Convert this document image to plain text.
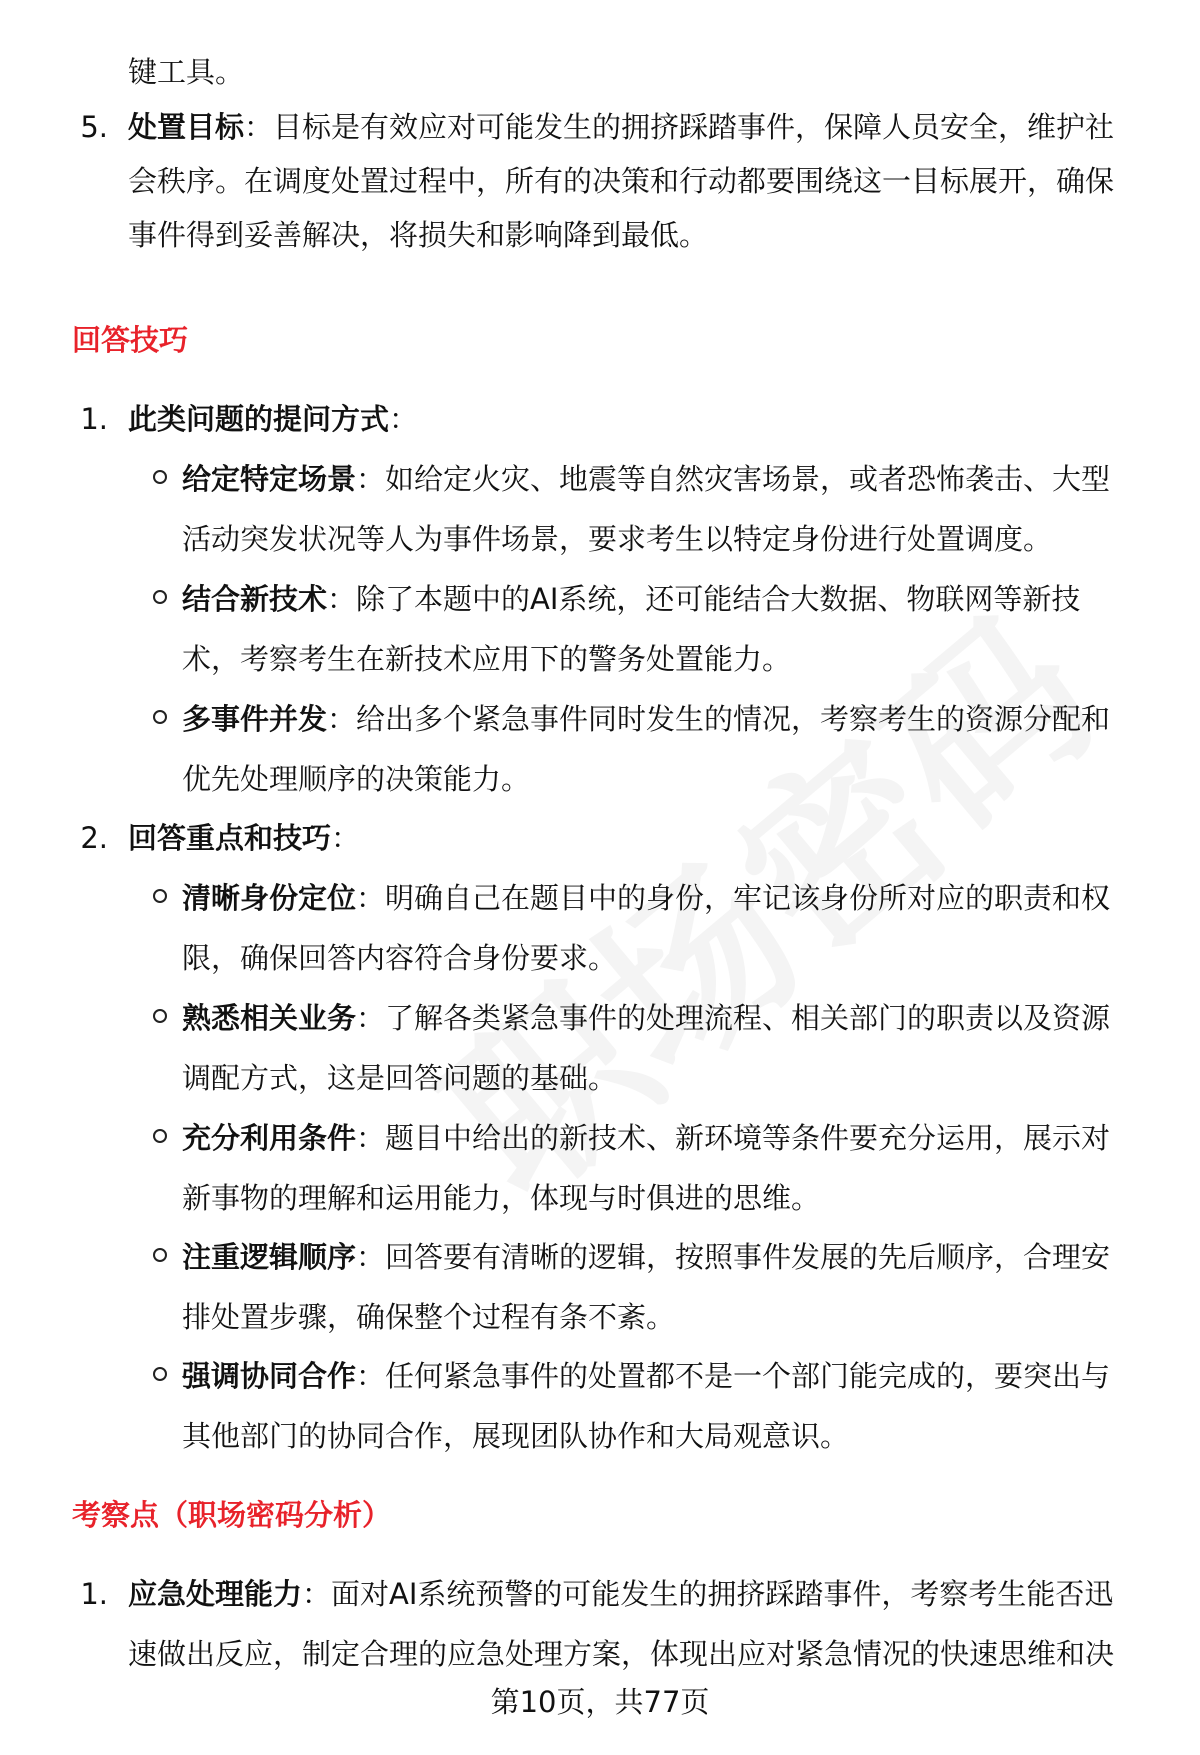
键工具。
5. 处置目标：目标是有效应对可能发生的拥挤踩踏事件，保障人员安全，维护社
会秩序。在调度处置过程中，所有的决策和行动都要围绕这一目标展开，确保
事件得到妥善解决，将损失和影响降到最低。
回答技巧
1. 此类问题的提问方式：
给定特定场景：如给定火灾、地震等自然灾害场景，或者恐怖袭击、大型
活动突发状况等人为事件场景，要求考生以特定身份进行处置调度。
结合新技术：除了本题中的AI系统，还可能结合大数据、物联网等新技
术，考察考生在新技术应用下的警务处置能力。
多事件并发：给出多个紧急事件同时发生的情况，考察考生的资源分配和
优先处理顺序的决策能力。
2. 回答重点和技巧：
清晰身份定位：明确自己在题目中的身份，牢记该身份所对应的职责和权
限，确保回答内容符合身份要求。
熟悉相关业务：了解各类紧急事件的处理流程、相关部门的职责以及资源
调配方式，这是回答问题的基础。
充分利用条件：题目中给出的新技术、新环境等条件要充分运用，展示对
新事物的理解和运用能力，体现与时俱进的思维。
注重逻辑顺序：回答要有清晰的逻辑，按照事件发展的先后顺序，合理安
排处置步骤，确保整个过程有条不紊。
强调协同合作：任何紧急事件的处置都不是一个部门能完成的，要突出与
其他部门的协同合作，展现团队协作和大局观意识。
考察点（职场密码分析）
1. 应急处理能力：面对AI系统预警的可能发生的拥挤踩踏事件，考察考生能否迅
速做出反应，制定合理的应急处理方案，体现出应对紧急情况的快速思维和决
第10页，共77页
